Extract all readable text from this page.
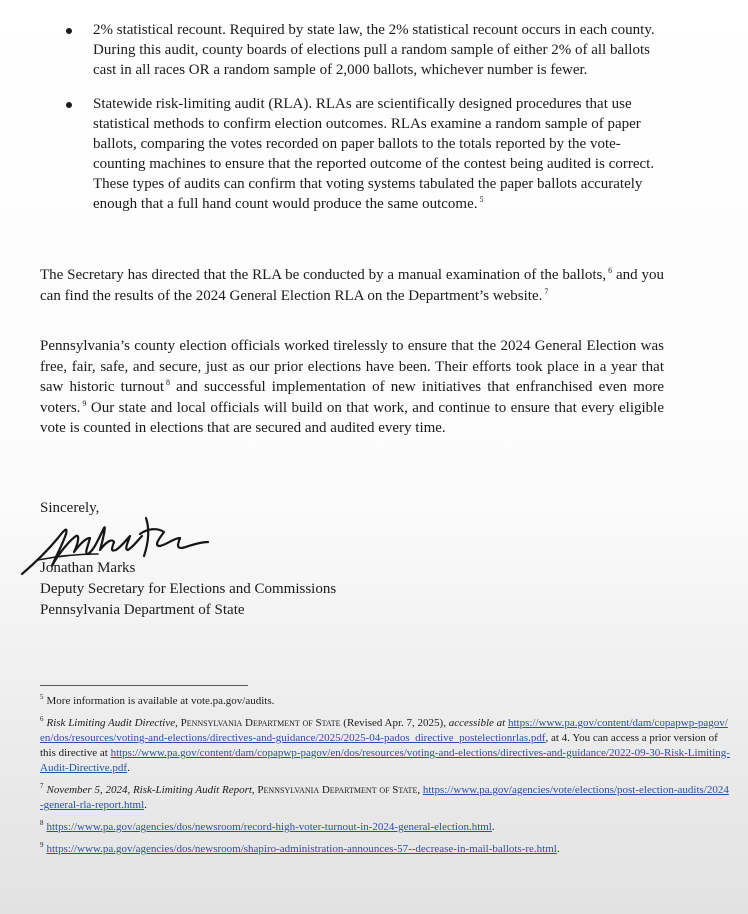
2% statistical recount. Required by state law, the 2% statistical recount occurs in each county. During this audit, county boards of elections pull a random sample of either 2% of all ballots cast in all races OR a random sample of 2,000 ballots, whichever number is fewer.
Statewide risk-limiting audit (RLA). RLAs are scientifically designed procedures that use statistical methods to confirm election outcomes. RLAs examine a random sample of paper ballots, comparing the votes recorded on paper ballots to the totals reported by the vote-counting machines to ensure that the reported outcome of the contest being audited is correct. These types of audits can confirm that voting systems tabulated the paper ballots accurately enough that a full hand count would produce the same outcome. $^5$

The Secretary has directed that the RLA be conducted by a manual examination of the ballots, $^6$ and you can find the results of the 2024 General Election RLA on the Department’s website. $^7$

Pennsylvania’s county election officials worked tirelessly to ensure that the 2024 General Election was free, fair, safe, and secure, just as our prior elections have been. Their efforts took place in a year that saw historic turnout $^8$ and successful implementation of new initiatives that enfranchised even more voters. $^9$ Our state and local officials will build on that work, and continue to ensure that every eligible vote is counted in elections that are secured and audited every time.

Sincerely,
Jonathan Marks
Deputy Secretary for Elections and Commissions
Pennsylvania Department of State

$^5$ More information is available at vote.pa.gov/audits.

$^6$ Risk Limiting Audit Directive, Pennsylvania Department of State (Revised Apr. 7, 2025), accessible at https://www.pa.gov/content/dam/copapwp-pagov/en/dos/resources/voting-and-elections/directives-and-guidance/2025/2025-04-pados_directive_postelectionrlas.pdf, at 4. You can access a prior version of this directive at https://www.pa.gov/content/dam/copapwp-pagov/en/dos/resources/voting-and-elections/directives-and-guidance/2022-09-30-Risk-Limiting-Audit-Directive.pdf.

$^7$ November 5, 2024, Risk-Limiting Audit Report, Pennsylvania Department of State, https://www.pa.gov/agencies/vote/elections/post-election-audits/2024-general-rla-report.html.

$^8$ https://www.pa.gov/agencies/dos/newsroom/record-high-voter-turnout-in-2024-general-election.html.

$^9$ https://www.pa.gov/agencies/dos/newsroom/shapiro-administration-announces-57--decrease-in-mail-ballots-re.html.
